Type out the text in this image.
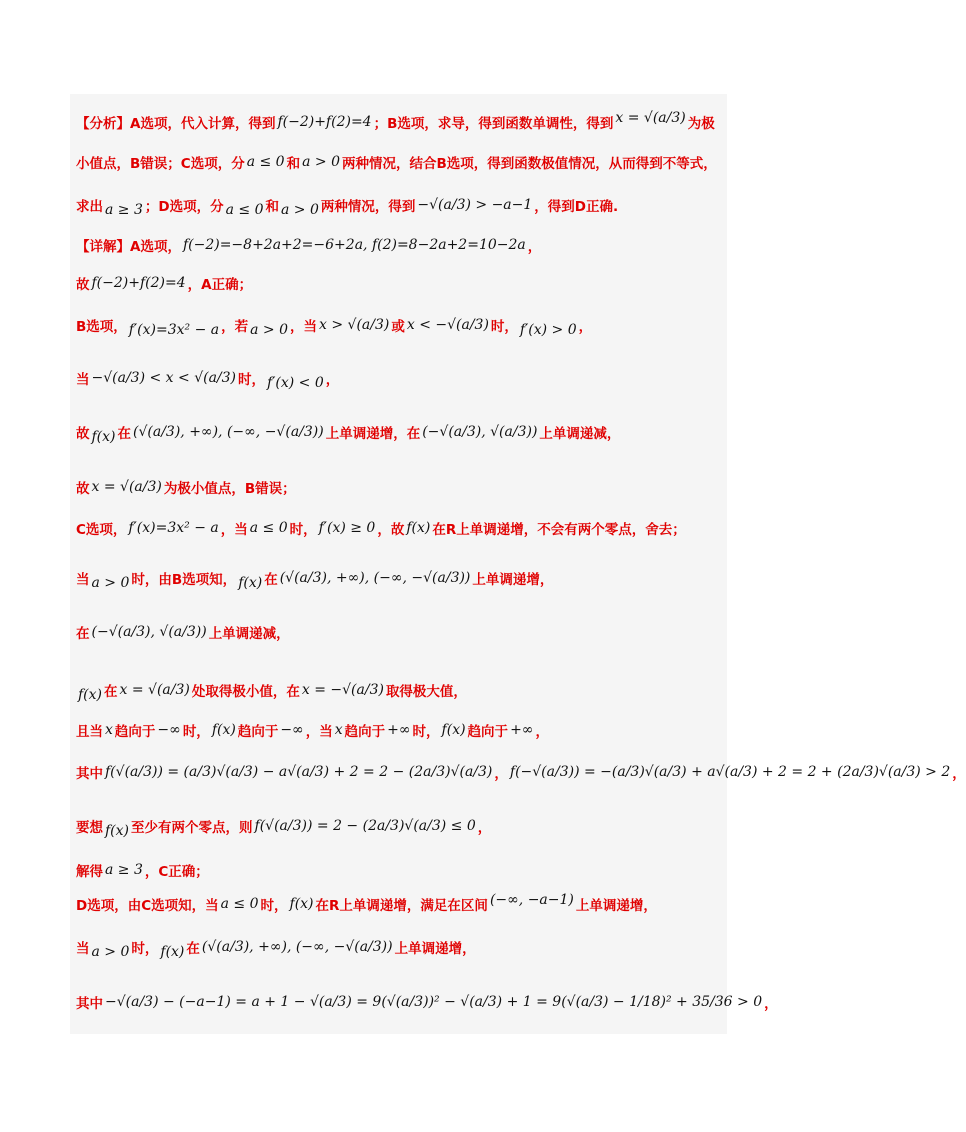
【分析】A选项，代入计算，得到 f(−2)+f(2)=4 ；B选项，求导，得到函数单调性，得到 x = √(a/3) 为极
小值点，B错误；C选项，分 a ≤ 0 和 a > 0 两种情况，结合B选项，得到函数极值情况，从而得到不等式，
求出 a ≥ 3 ；D选项，分 a ≤ 0 和 a > 0 两种情况，得到 −√(a/3) > −a−1 ，得到D正确.
【详解】A选项， f(−2)=−8+2a+2=−6+2a, f(2)=8−2a+2=10−2a ，
故 f(−2)+f(2)=4 ，A正确；
B选项， f′(x)=3x² − a ，若 a > 0 ，当 x > √(a/3) 或 x < −√(a/3) 时， f′(x) > 0 ，
当 −√(a/3) < x < √(a/3) 时， f′(x) < 0 ，
故 f(x) 在 (√(a/3), +∞), (−∞, −√(a/3)) 上单调递增，在 (−√(a/3), √(a/3)) 上单调递减，
故 x = √(a/3) 为极小值点，B错误；
C选项， f′(x)=3x² − a ，当 a ≤ 0 时， f′(x) ≥ 0 ，故 f(x) 在R上单调递增，不会有两个零点，舍去；
当 a > 0 时，由B选项知， f(x) 在 (√(a/3), +∞), (−∞, −√(a/3)) 上单调递增，
在 (−√(a/3), √(a/3)) 上单调递减，
f(x) 在 x = √(a/3) 处取得极小值，在 x = −√(a/3) 取得极大值，
且当 x 趋向于 −∞ 时， f(x) 趋向于 −∞ ，当 x 趋向于 +∞ 时， f(x) 趋向于 +∞ ，
其中 f(√(a/3)) = (a/3)√(a/3) − a√(a/3) + 2 = 2 − (2a/3)√(a/3) ， f(−√(a/3)) = −(a/3)√(a/3) + a√(a/3) + 2 = 2 + (2a/3)√(a/3) > 2 ，
要想 f(x) 至少有两个零点，则 f(√(a/3)) = 2 − (2a/3)√(a/3) ≤ 0 ，
解得 a ≥ 3 ，C正确；
D选项，由C选项知，当 a ≤ 0 时， f(x) 在R上单调递增，满足在区间 (−∞, −a−1) 上单调递增，
当 a > 0 时， f(x) 在 (√(a/3), +∞), (−∞, −√(a/3)) 上单调递增，
其中 −√(a/3) − (−a−1) = a + 1 − √(a/3) = 9(√(a/3))² − √(a/3) + 1 = 9(√(a/3) − 1/18)² + 35/36 > 0 ，
